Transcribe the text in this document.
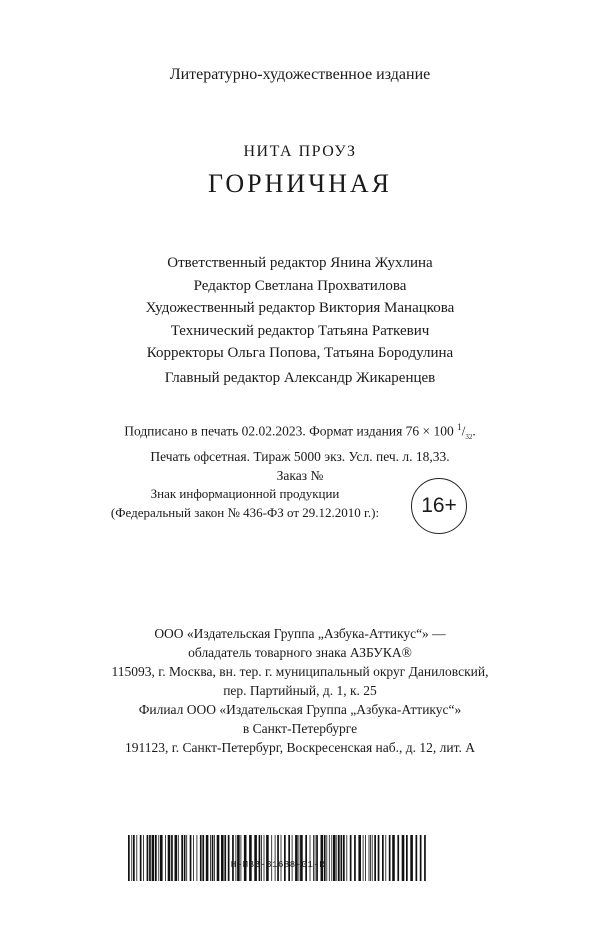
Литературно-художественное издание
НИТА ПРОУЗ
ГОРНИЧНАЯ
Ответственный редактор Янина Жухлина
Редактор Светлана Прохватилова
Художественный редактор Виктория Манацкова
Технический редактор Татьяна Раткевич
Корректоры Ольга Попова, Татьяна Бородулина
Главный редактор Александр Жикаренцев
Подписано в печать 02.02.2023. Формат издания 76 × 100 $^1/_{32}$.
Печать офсетная. Тираж 5000 экз. Усл. печ. л. 18,33.
Заказ №
Знак информационной продукции
(Федеральный закон № 436-ФЗ от 29.12.2010 г.):	16+
ООО «Издательская Группа „Азбука-Аттикус“» —
обладатель товарного знака АЗБУКА®
115093, г. Москва, вн. тер. г. муниципальный округ Даниловский,
пер. Партийный, д. 1, к. 25
Филиал ООО «Издательская Группа „Азбука-Аттикус“»
в Санкт-Петербурге
191123, г. Санкт-Петербург, Воскресенская наб., д. 12, лит. А
Н-МВВ-31688-01-R
